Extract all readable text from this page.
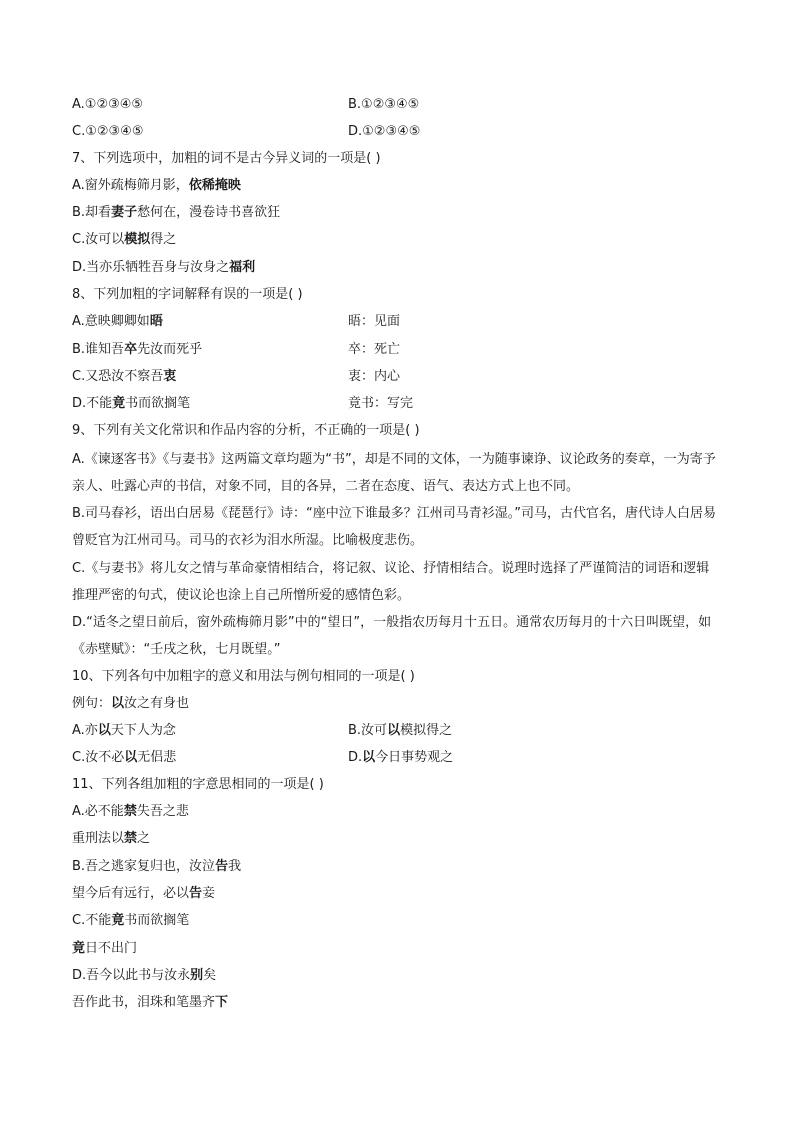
A.①②③④⑤	B.①②③④⑤
C.①②③④⑤	D.①②③④⑤
7、下列选项中，加粗的词不是古今异义词的一项是( )
A.窗外疏梅筛月影，依稀掩映
B.却看妻子愁何在，漫卷诗书喜欲狂
C.汝可以模拟得之
D.当亦乐牺牲吾身与汝身之福利
8、下列加粗的字词解释有误的一项是( )
A.意映卿卿如晤	晤：见面
B.谁知吾卒先汝而死乎	卒：死亡
C.又恐汝不察吾衷	衷：内心
D.不能竟书而欲搁笔	竟书：写完
9、下列有关文化常识和作品内容的分析，不正确的一项是( )
A.《谏逐客书》《与妻书》这两篇文章均题为“书”，却是不同的文体，一为随事谏诤、议论政务的奏章，一为寄予亲人、吐露心声的书信，对象不同，目的各异，二者在态度、语气、表达方式上也不同。
B.司马春衫，语出白居易《琵琶行》诗：“座中泣下谁最多？江州司马青衫湿。”司马，古代官名，唐代诗人白居易曾贬官为江州司马。司马的衣衫为泪水所湿。比喻极度悲伤。
C.《与妻书》将儿女之情与革命豪情相结合，将记叙、议论、抒情相结合。说理时选择了严谨简洁的词语和逻辑推理严密的句式，使议论也涂上自己所憎所爱的感情色彩。
D.“适冬之望日前后，窗外疏梅筛月影”中的“望日”，一般指农历每月十五日。通常农历每月的十六日叫既望，如《赤壁赋》：“壬戌之秋，七月既望。”
10、下列各句中加粗字的意义和用法与例句相同的一项是( )
例句：以汝之有身也
A.亦以天下人为念	B.汝可以模拟得之
C.汝不必以无侣悲	D.以今日事势观之
11、下列各组加粗的字意思相同的一项是( )
A.必不能禁失吾之悲
重刑法以禁之
B.吾之逃家复归也，汝泣告我
望今后有远行，必以告妾
C.不能竟书而欲搁笔
竟日不出门
D.吾今以此书与汝永别矣
吾作此书，泪珠和笔墨齐下
